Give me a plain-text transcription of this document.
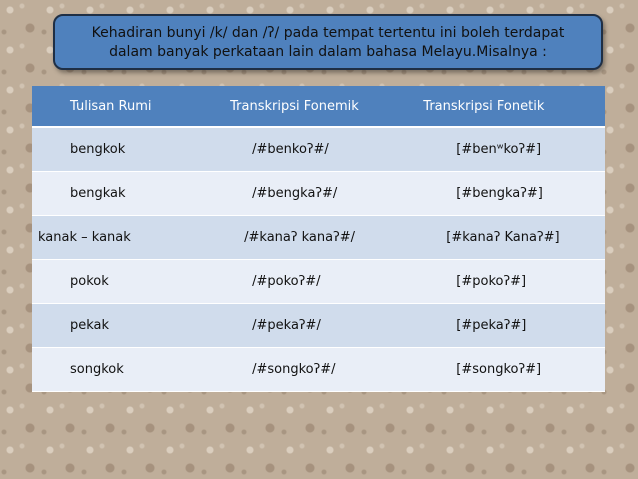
Kehadiran bunyi /k/ dan /ʔ/ pada tempat tertentu ini boleh terdapat
dalam banyak perkataan lain dalam bahasa Melayu.Misalnya :
Tulisan Rumi	Transkripsi Fonemik	Transkripsi Fonetik
bengkok	/#benkoʔ#/	[#benʷkoʔ#]
bengkak	/#bengkaʔ#/	[#bengkaʔ#]
kanak – kanak	/#kanaʔ kanaʔ#/	[#kanaʔ Kanaʔ#]
pokok	/#pokoʔ#/	[#pokoʔ#]
pekak	/#pekaʔ#/	[#pekaʔ#]
songkok	/#songkoʔ#/	[#songkoʔ#]
